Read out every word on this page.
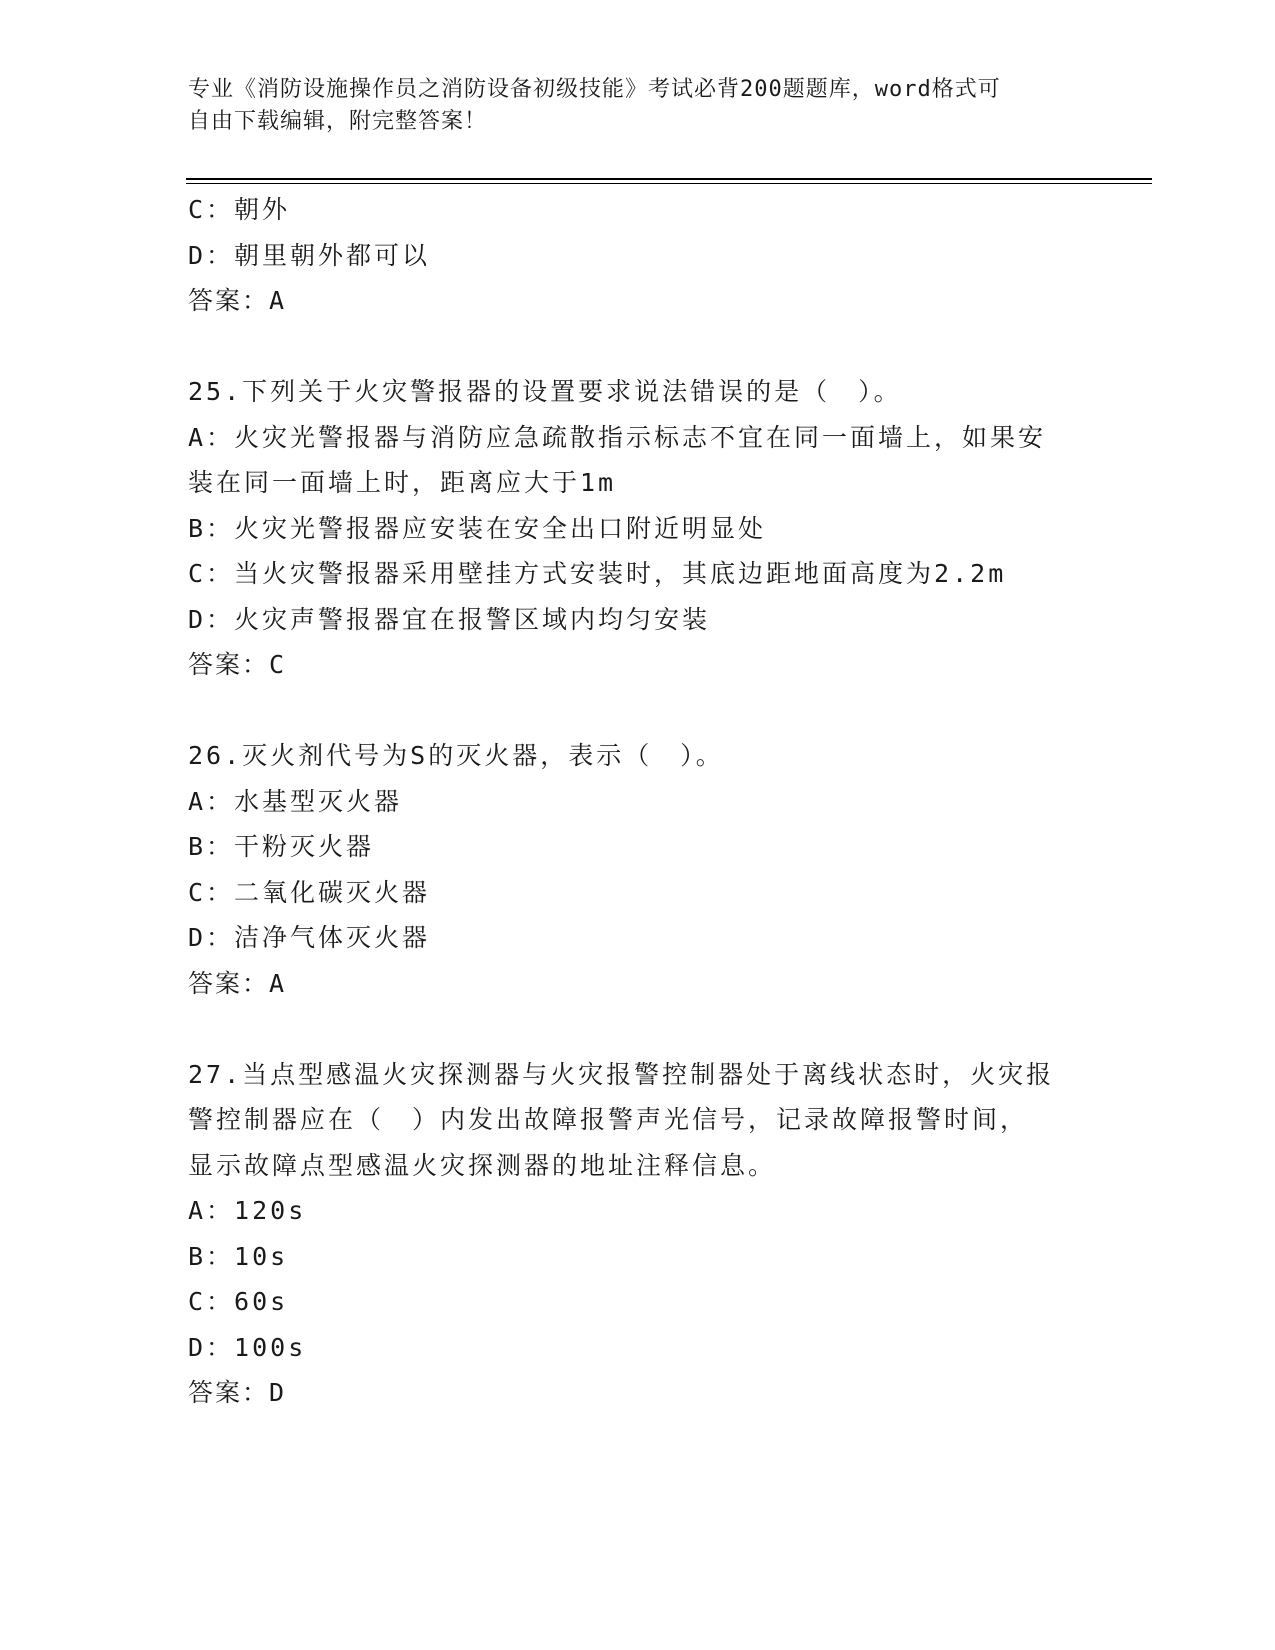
专业《消防设施操作员之消防设备初级技能》考试必背200题题库，word格式可
自由下载编辑，附完整答案！
C：朝外
D：朝里朝外都可以
答案：A
25.下列关于火灾警报器的设置要求说法错误的是（　）。
A：火灾光警报器与消防应急疏散指示标志不宜在同一面墙上，如果安
装在同一面墙上时，距离应大于1m
B：火灾光警报器应安装在安全出口附近明显处
C：当火灾警报器采用壁挂方式安装时，其底边距地面高度为2.2m
D：火灾声警报器宜在报警区域内均匀安装
答案：C
26.灭火剂代号为S的灭火器，表示（　）。
A：水基型灭火器
B：干粉灭火器
C：二氧化碳灭火器
D：洁净气体灭火器
答案：A
27.当点型感温火灾探测器与火灾报警控制器处于离线状态时，火灾报
警控制器应在（　）内发出故障报警声光信号，记录故障报警时间，
显示故障点型感温火灾探测器的地址注释信息。
A：120s
B：10s
C：60s
D：100s
答案：D
